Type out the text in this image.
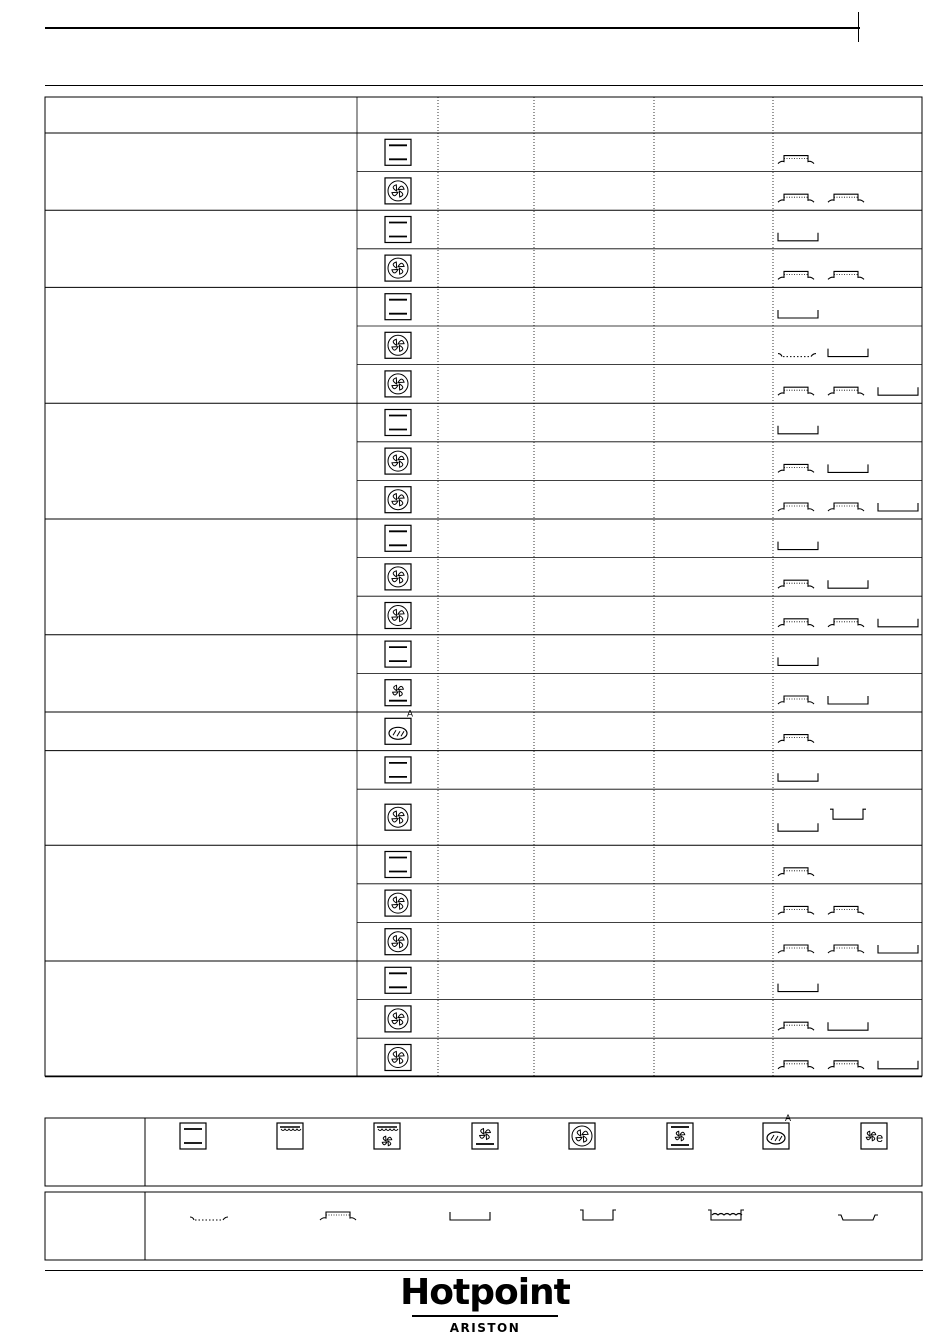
A
A
e
Hotpoint
ARISTON
